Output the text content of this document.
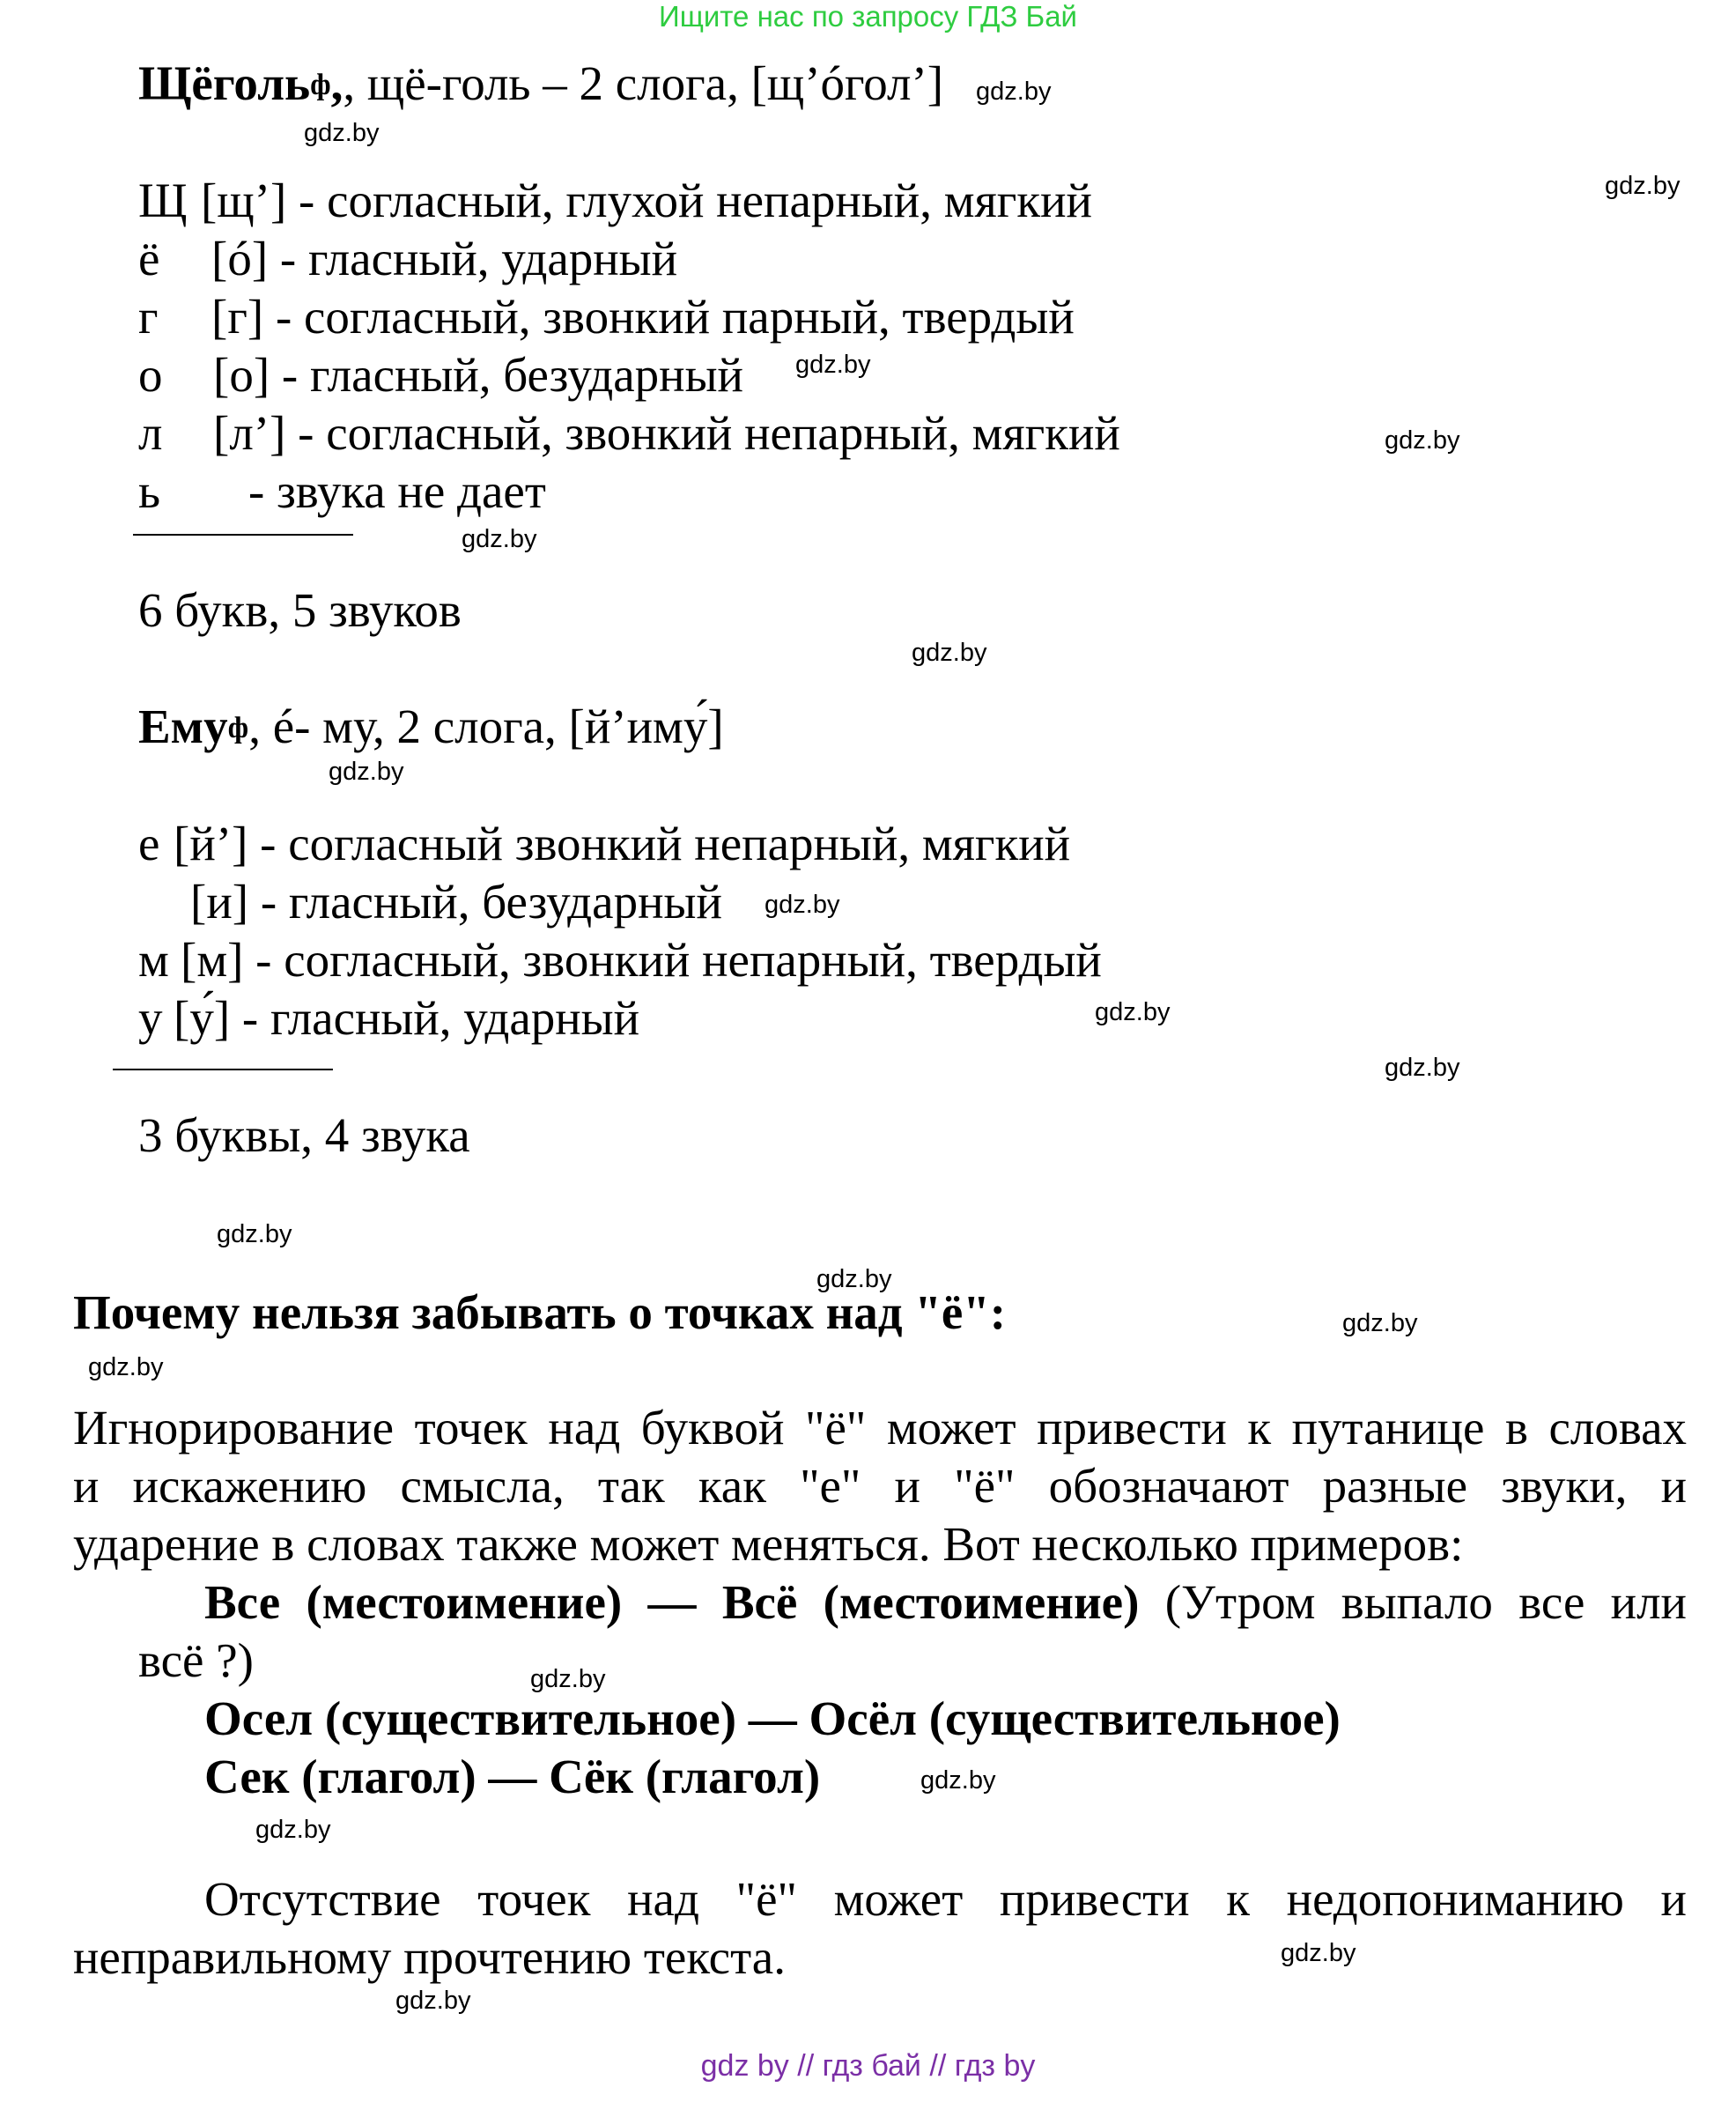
Ищите нас по запросу ГДЗ Бай
Щёголь$^ф$,, щё-голь – 2 слога, [щ’óгол’]
Щ [щ’] - согласный, глухой непарный, мягкий
ё	[ó] - гласный, ударный
г	[г] - согласный, звонкий парный, твердый
о	[о] - гласный, безударный
л	[л’] - согласный, звонкий непарный, мягкий
ь	- звука не дает
6 букв, 5 звуков
Ему$^ф$, é- му, 2 слога, [й’иму́]
е [й’] - согласный звонкий непарный, мягкий
[и] - гласный, безударный
м [м] - согласный, звонкий непарный, твердый
у [у́] - гласный, ударный
3 буквы, 4 звука
Почему нельзя забывать о точках над "ё":
Игнорирование точек над буквой "ё" может привести к путанице в словах
и искажению смысла, так как "е" и "ё" обозначают разные звуки, и
ударение в словах также может меняться. Вот несколько примеров:
Все (местоимение) — Всё (местоимение) (Утром выпало все или
всё ?)
Осел (существительное) — Осёл (существительное)
Сек (глагол) — Сёк (глагол)
Отсутствие точек над "ё" может привести к недопониманию и
неправильному прочтению текста.
gdz.by
gdz.by
gdz.by
gdz.by
gdz.by
gdz.by
gdz.by
gdz.by
gdz.by
gdz.by
gdz.by
gdz.by
gdz.by
gdz.by
gdz.by
gdz.by
gdz.by
gdz.by
gdz.by
gdz.by
gdz by // гдз бай // гдз by
